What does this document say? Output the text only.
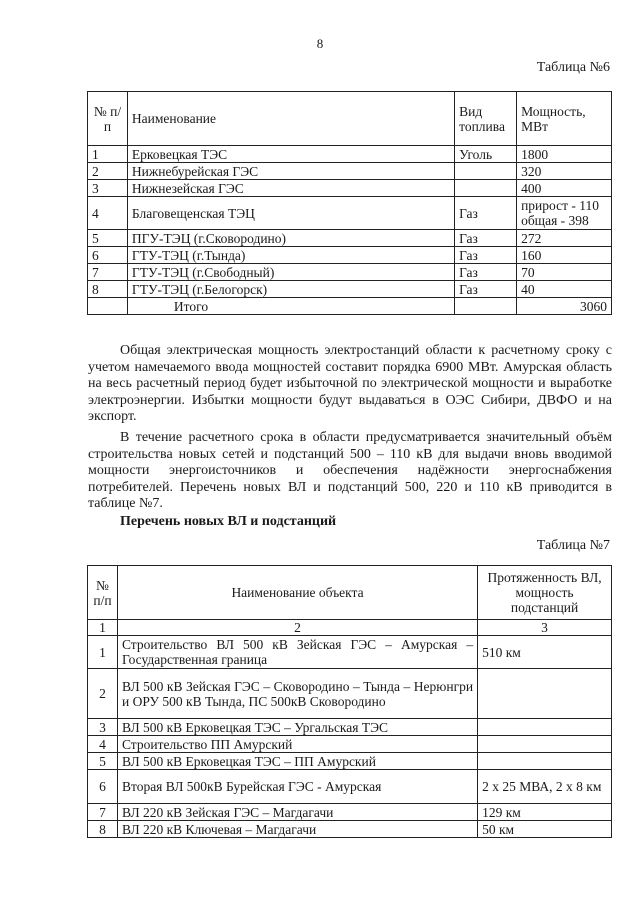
8
Таблица №6
№ п/п	Наименование	Вид топлива	Мощность, МВт
1	Ерковецкая ТЭС	Уголь	1800
2	Нижнебурейская ГЭС		320
3	Нижнезейская ГЭС		400
4	Благовещенская ТЭЦ	Газ	прирост - 110 общая - 398
5	ПГУ-ТЭЦ (г.Сковородино)	Газ	272
6	ГТУ-ТЭЦ (г.Тында)	Газ	160
7	ГТУ-ТЭЦ (г.Свободный)	Газ	70
8	ГТУ-ТЭЦ (г.Белогорск)	Газ	40
	Итого		3060

Общая электрическая мощность электростанций области к расчетному сроку с учетом намечаемого ввода мощностей составит порядка 6900 МВт. Амурская область на весь расчетный период будет избыточной по электрической мощности и выработке электроэнергии. Избытки мощности будут выдаваться в ОЭС Сибири, ДВФО и на экспорт.

В течение расчетного срока в области предусматривается значительный объём строительства новых сетей и подстанций 500 – 110 кВ для выдачи вновь вводимой мощности энергоисточников и обеспечения надёжности энергоснабжения потребителей. Перечень новых ВЛ и подстанций 500, 220 и 110 кВ приводится в таблице №7.

Перечень новых ВЛ и подстанций
Таблица №7
№ п/п	Наименование объекта	Протяженность ВЛ, мощность подстанций
1	2	3
1	Строительство ВЛ 500 кВ Зейская ГЭС – Амурская – Государственная граница	510 км
2	ВЛ 500 кВ Зейская ГЭС – Сковородино – Тында – Нерюнгри и ОРУ 500 кВ Тында, ПС 500кВ Сковородино	
3	ВЛ 500 кВ Ерковецкая ТЭС – Ургальская ТЭС	
4	Строительство ПП Амурский	
5	ВЛ 500 кВ Ерковецкая ТЭС – ПП Амурский	
6	Вторая ВЛ 500кВ Бурейская ГЭС - Амурская	2 х 25 МВА, 2 х 8 км
7	ВЛ 220 кВ Зейская ГЭС – Магдагачи	129 км
8	ВЛ 220 кВ Ключевая – Магдагачи	50 км
